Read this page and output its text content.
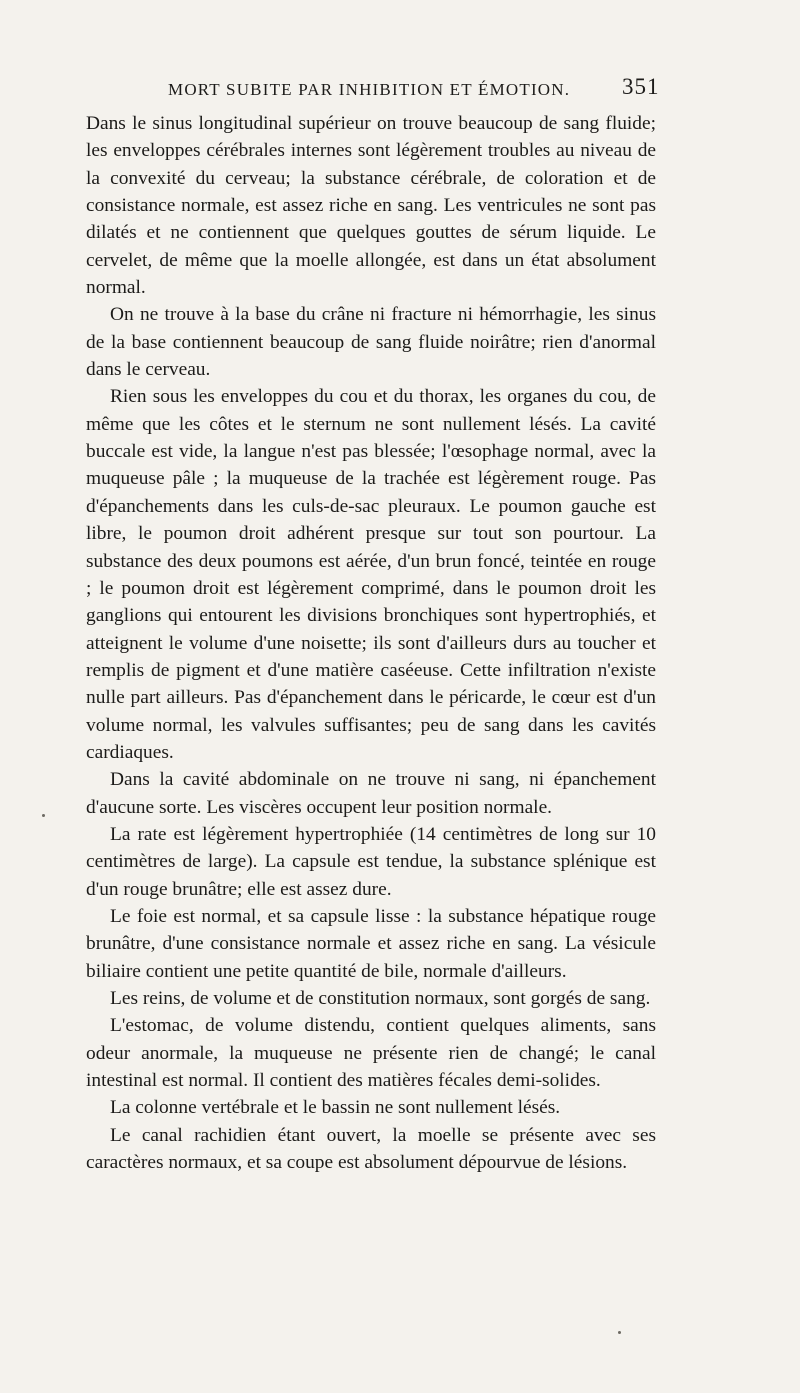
MORT SUBITE PAR INHIBITION ET ÉMOTION.	351

Dans le sinus longitudinal supérieur on trouve beaucoup de sang fluide; les enveloppes cérébrales internes sont légèrement troubles au niveau de la convexité du cerveau; la substance cérébrale, de coloration et de consistance normale, est assez riche en sang. Les ventricules ne sont pas dilatés et ne contiennent que quelques gouttes de sérum liquide. Le cervelet, de même que la moelle allongée, est dans un état absolument normal.

On ne trouve à la base du crâne ni fracture ni hémorrhagie, les sinus de la base contiennent beaucoup de sang fluide noirâtre; rien d'anormal dans le cerveau.

Rien sous les enveloppes du cou et du thorax, les organes du cou, de même que les côtes et le sternum ne sont nullement lésés. La cavité buccale est vide, la langue n'est pas blessée; l'œsophage normal, avec la muqueuse pâle ; la muqueuse de la trachée est légèrement rouge. Pas d'épanchements dans les culs-de-sac pleuraux. Le poumon gauche est libre, le poumon droit adhérent presque sur tout son pourtour. La substance des deux poumons est aérée, d'un brun foncé, teintée en rouge ; le poumon droit est légèrement comprimé, dans le poumon droit les ganglions qui entourent les divisions bronchiques sont hypertrophiés, et atteignent le volume d'une noisette; ils sont d'ailleurs durs au toucher et remplis de pigment et d'une matière caséeuse. Cette infiltration n'existe nulle part ailleurs. Pas d'épanchement dans le péricarde, le cœur est d'un volume normal, les valvules suffisantes; peu de sang dans les cavités cardiaques.

Dans la cavité abdominale on ne trouve ni sang, ni épanchement d'aucune sorte. Les viscères occupent leur position normale.

La rate est légèrement hypertrophiée (14 centimètres de long sur 10 centimètres de large). La capsule est tendue, la substance splénique est d'un rouge brunâtre; elle est assez dure.

Le foie est normal, et sa capsule lisse : la substance hépatique rouge brunâtre, d'une consistance normale et assez riche en sang. La vésicule biliaire contient une petite quantité de bile, normale d'ailleurs.

Les reins, de volume et de constitution normaux, sont gorgés de sang.

L'estomac, de volume distendu, contient quelques aliments, sans odeur anormale, la muqueuse ne présente rien de changé; le canal intestinal est normal. Il contient des matières fécales demi-solides.

La colonne vertébrale et le bassin ne sont nullement lésés.

Le canal rachidien étant ouvert, la moelle se présente avec ses caractères normaux, et sa coupe est absolument dépourvue de lésions.
